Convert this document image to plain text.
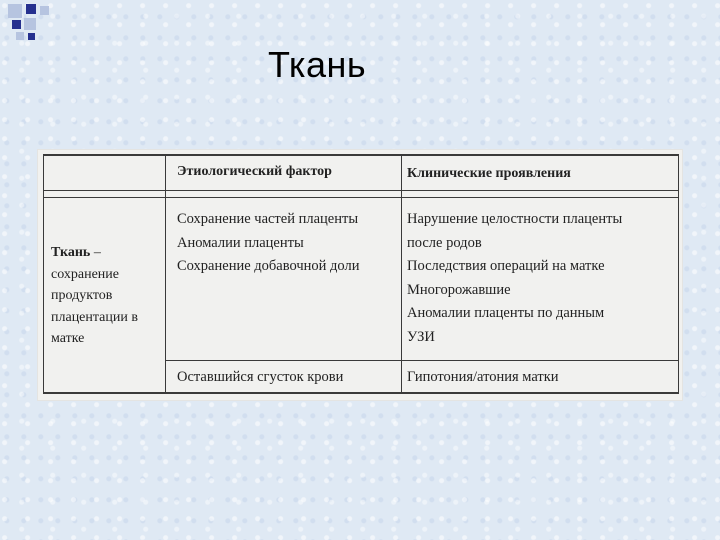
Ткань
Этиологический фактор	Клинические проявления
Ткань –
сохранение
продуктов
плацентации в
матке
Сохранение частей плаценты
Аномалии плаценты
Сохранение добавочной доли
Нарушение целостности плаценты
после родов
Последствия операций на матке
Многорожавшие
Аномалии плаценты по данным
УЗИ
Оставшийся сгусток крови	Гипотония/атония матки
